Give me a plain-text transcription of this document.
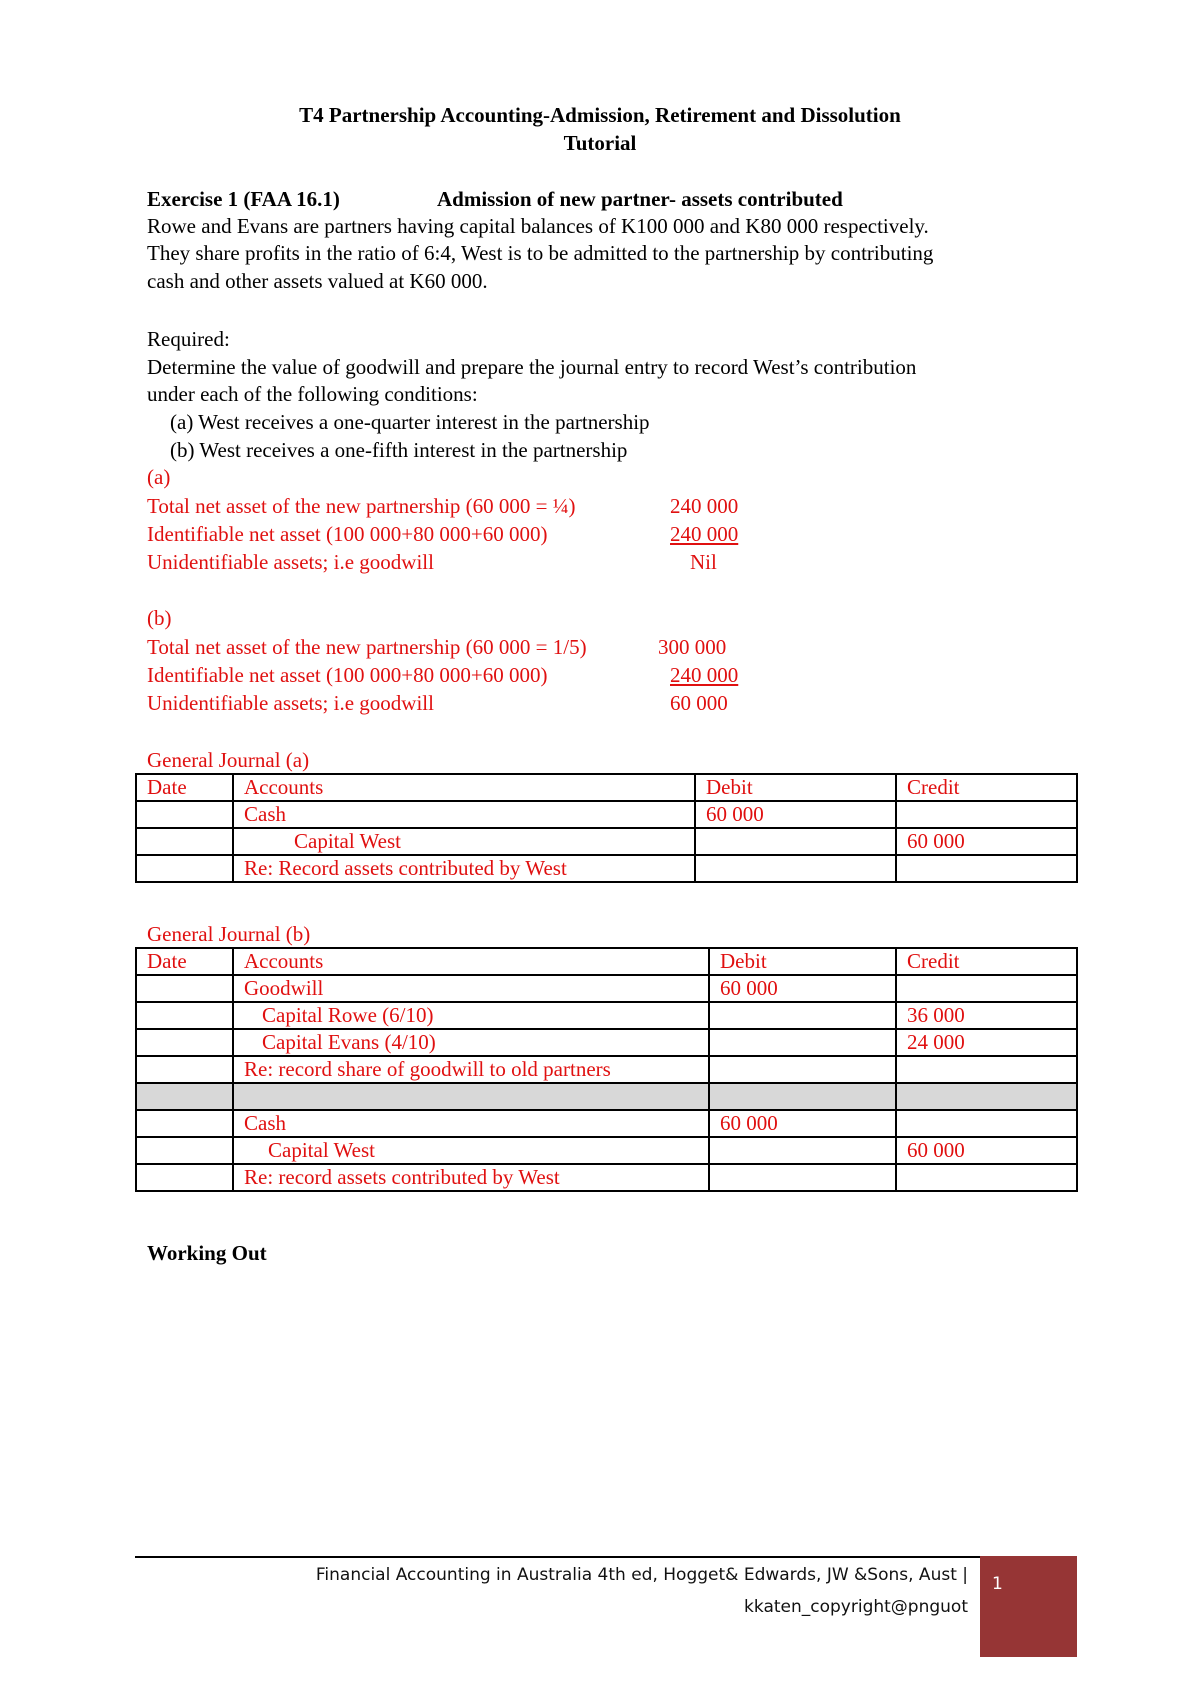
T4 Partnership Accounting-Admission, Retirement and Dissolution
Tutorial
Exercise 1 (FAA 16.1)	Admission of new partner- assets contributed
Rowe and Evans are partners having capital balances of K100 000 and K80 000 respectively.
They share profits in the ratio of 6:4, West is to be admitted to the partnership by contributing
cash and other assets valued at K60 000.
Required:
Determine the value of goodwill and prepare the journal entry to record West’s contribution
under each of the following conditions:
(a) West receives a one-quarter interest in the partnership
(b) West receives a one-fifth interest in the partnership
(a)
Total net asset of the new partnership (60 000 = ¼)	240 000
Identifiable net asset (100 000+80 000+60 000)	240 000
Unidentifiable assets; i.e goodwill	Nil
(b)
Total net asset of the new partnership (60 000 = 1/5)	300 000
Identifiable net asset (100 000+80 000+60 000)	240 000
Unidentifiable assets; i.e goodwill	60 000
General Journal (a)
Date	Accounts	Debit	Credit
	Cash	60 000	
	Capital West		60 000
	Re: Record assets contributed by West		
General Journal (b)
Date	Accounts	Debit	Credit
	Goodwill	60 000	
	Capital Rowe (6/10)		36 000
	Capital Evans (4/10)		24 000
	Re: record share of goodwill to old partners		

	Cash	60 000	
	Capital West		60 000
	Re: record assets contributed by West		
Working Out
Financial Accounting in Australia 4th ed, Hogget& Edwards, JW &Sons, Aust |
kkaten_copyright@pnguot
1
